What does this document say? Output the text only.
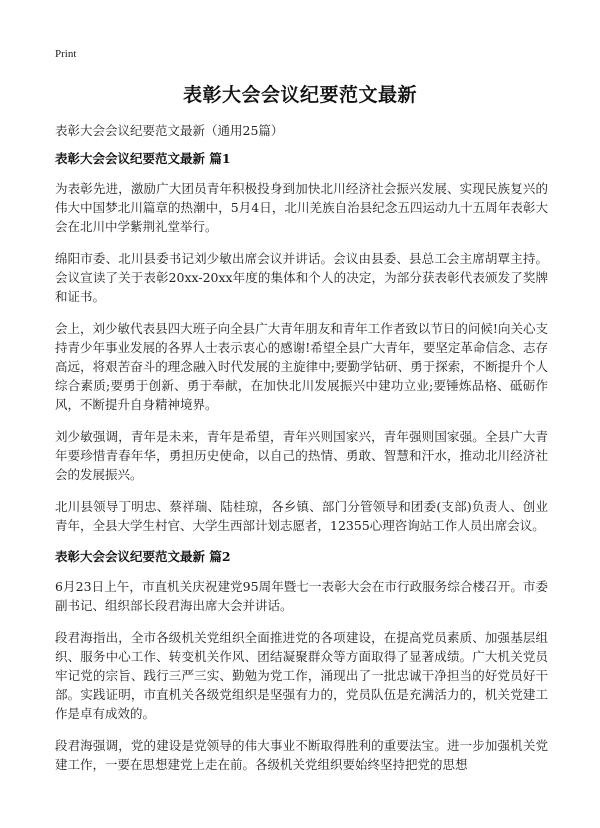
Print
表彰大会会议纪要范文最新
表彰大会会议纪要范文最新（通用25篇）
表彰大会会议纪要范文最新 篇1

为表彰先进，激励广大团员青年积极投身到加快北川经济社会振兴发展、实现民族复兴的伟大中国梦北川篇章的热潮中，5月4日，北川羌族自治县纪念五四运动九十五周年表彰大会在北川中学紫荆礼堂举行。

绵阳市委、北川县委书记刘少敏出席会议并讲话。会议由县委、县总工会主席胡覃主持。会议宣读了关于表彰20xx-20xx年度的集体和个人的决定，为部分获表彰代表颁发了奖牌和证书。

会上，刘少敏代表县四大班子向全县广大青年朋友和青年工作者致以节日的问候!向关心支持青少年事业发展的各界人士表示衷心的感谢!希望全县广大青年，要坚定革命信念、志存高远，将艰苦奋斗的理念融入时代发展的主旋律中;要勤学钻研、勇于探索，不断提升个人综合素质;要勇于创新、勇于奉献，在加快北川发展振兴中建功立业;要锤炼品格、砥砺作风，不断提升自身精神境界。

刘少敏强调，青年是未来，青年是希望，青年兴则国家兴，青年强则国家强。全县广大青年要珍惜青春年华，勇担历史使命，以自己的热情、勇敢、智慧和汗水，推动北川经济社会的发展振兴。

北川县领导丁明忠、蔡祥瑞、陆桂琼，各乡镇、部门分管领导和团委(支部)负责人、创业青年，全县大学生村官、大学生西部计划志愿者，12355心理咨询站工作人员出席会议。

表彰大会会议纪要范文最新 篇2

6月23日上午，市直机关庆祝建党95周年暨七一表彰大会在市行政服务综合楼召开。市委副书记、组织部长段君海出席大会并讲话。

段君海指出，全市各级机关党组织全面推进党的各项建设，在提高党员素质、加强基层组织、服务中心工作、转变机关作风、团结凝聚群众等方面取得了显著成绩。广大机关党员牢记党的宗旨、践行三严三实、勤勉为党工作，涌现出了一批忠诚干净担当的好党员好干部。实践证明，市直机关各级党组织是坚强有力的，党员队伍是充满活力的，机关党建工作是卓有成效的。

段君海强调，党的建设是党领导的伟大事业不断取得胜利的重要法宝。进一步加强机关党建工作，一要在思想建党上走在前。各级机关党组织要始终坚持把党的思想
